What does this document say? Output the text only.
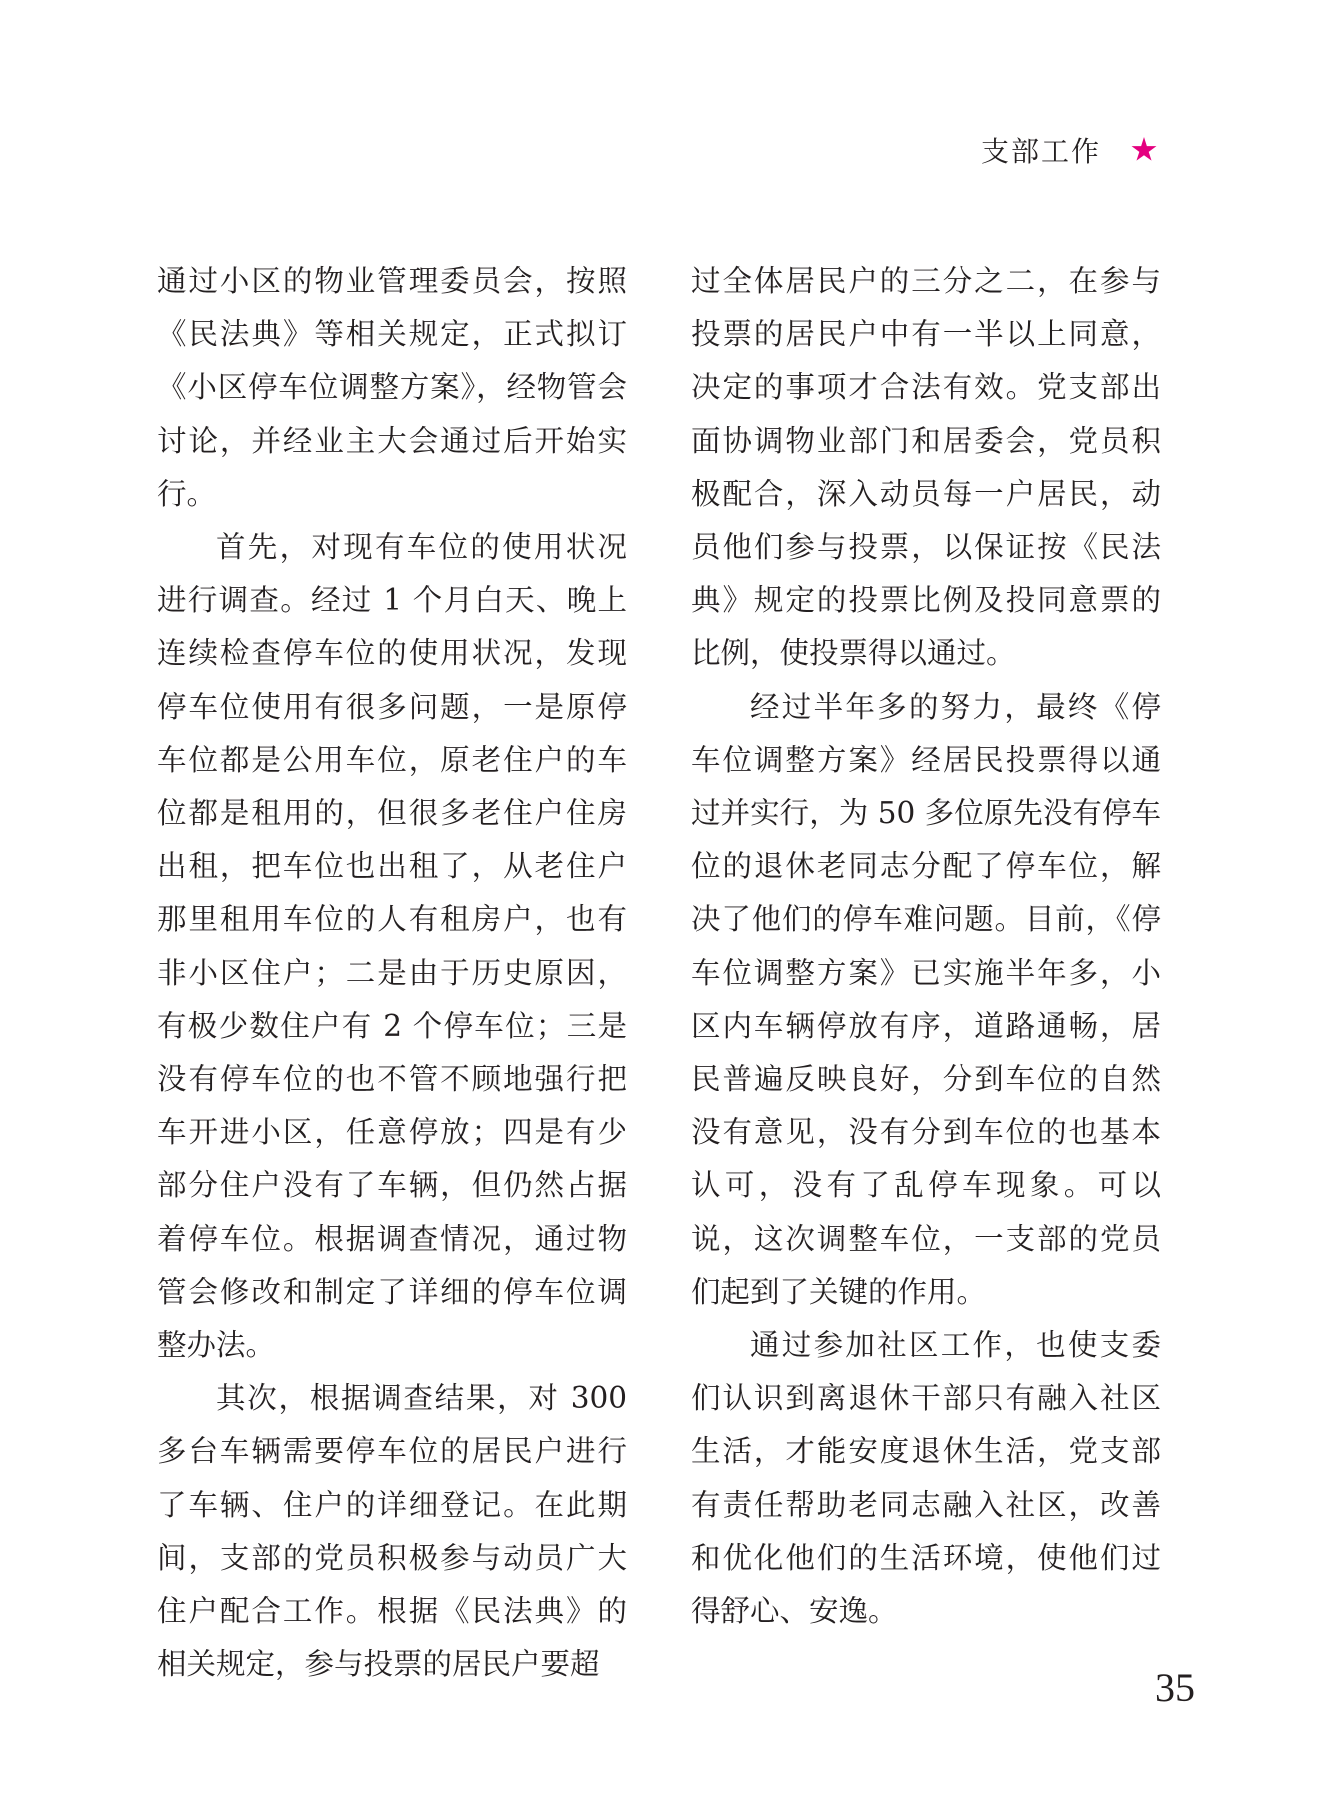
支部工作

通过小区的物业管理委员会，按照《民法典》等相关规定，正式拟订《小区停车位调整方案》，经物管会讨论，并经业主大会通过后开始实行。

首先，对现有车位的使用状况进行调查。经过 1 个月白天、晚上连续检查停车位的使用状况，发现停车位使用有很多问题，一是原停车位都是公用车位，原老住户的车位都是租用的，但很多老住户住房出租，把车位也出租了，从老住户那里租用车位的人有租房户，也有非小区住户；二是由于历史原因，有极少数住户有 2 个停车位；三是没有停车位的也不管不顾地强行把车开进小区，任意停放；四是有少部分住户没有了车辆，但仍然占据着停车位。根据调查情况，通过物管会修改和制定了详细的停车位调整办法。

其次，根据调查结果，对 300 多台车辆需要停车位的居民户进行了车辆、住户的详细登记。在此期间，支部的党员积极参与动员广大住户配合工作。根据《民法典》的相关规定，参与投票的居民户要超

过全体居民户的三分之二，在参与投票的居民户中有一半以上同意，决定的事项才合法有效。党支部出面协调物业部门和居委会，党员积极配合，深入动员每一户居民，动员他们参与投票，以保证按《民法典》规定的投票比例及投同意票的比例，使投票得以通过。

经过半年多的努力，最终《停车位调整方案》经居民投票得以通过并实行，为 50 多位原先没有停车位的退休老同志分配了停车位，解决了他们的停车难问题。目前，《停车位调整方案》已实施半年多，小区内车辆停放有序，道路通畅，居民普遍反映良好，分到车位的自然没有意见，没有分到车位的也基本认可，没有了乱停车现象。可以说，这次调整车位，一支部的党员们起到了关键的作用。

通过参加社区工作，也使支委们认识到离退休干部只有融入社区生活，才能安度退休生活，党支部有责任帮助老同志融入社区，改善和优化他们的生活环境，使他们过得舒心、安逸。

35
